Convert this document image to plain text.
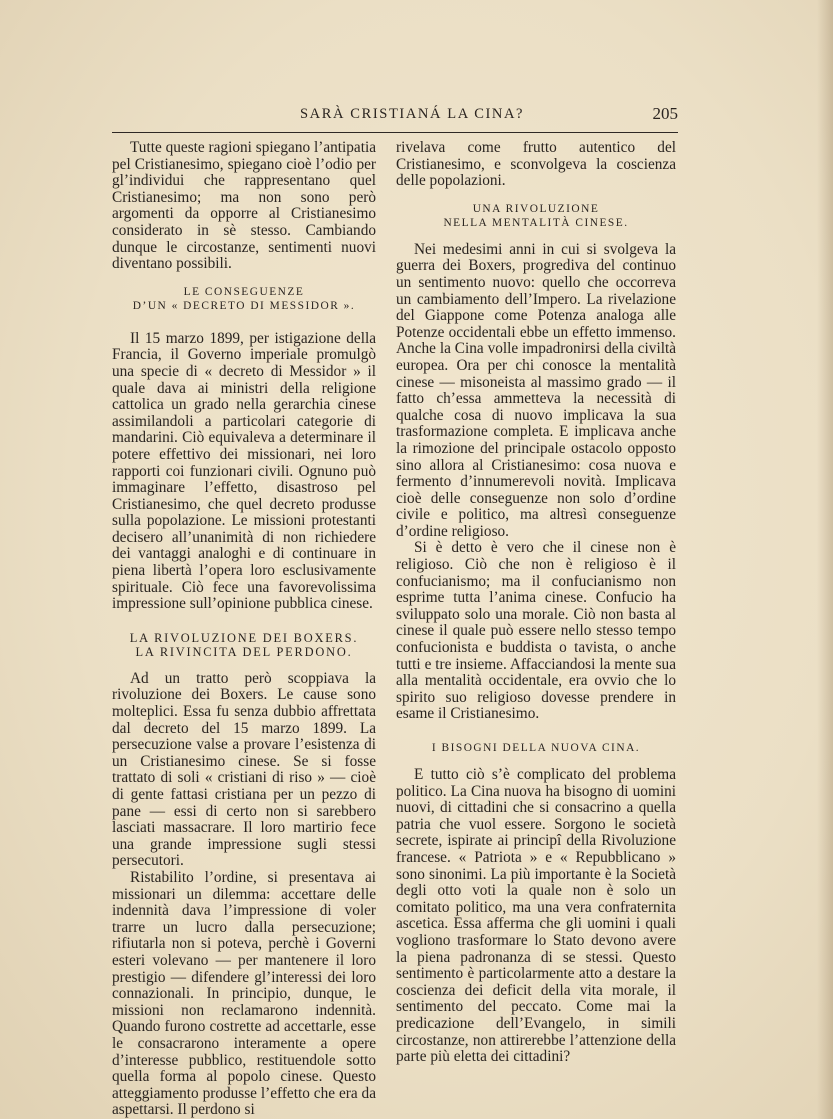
SARÀ CRISTIANÁ LA CINA?	205

Tutte queste ragioni spiegano l’antipatia pel Cristianesimo, spiegano cioè l’odio per gl’individui che rappresentano quel Cristianesimo; ma non sono però argomenti da opporre al Cristianesimo considerato in sè stesso. Cambiando dunque le circostanze, sentimenti nuovi diventano possibili.

LE CONSEGUENZE
D’UN « DECRETO DI MESSIDOR ».

Il 15 marzo 1899, per istigazione della Francia, il Governo imperiale promulgò una specie di « decreto di Messidor » il quale dava ai ministri della religione cattolica un grado nella gerarchia cinese assimilandoli a particolari categorie di mandarini. Ciò equivaleva a determinare il potere effettivo dei missionari, nei loro rapporti coi funzionari civili. Ognuno può immaginare l’effetto, disastroso pel Cristianesimo, che quel decreto produsse sulla popolazione. Le missioni protestanti decisero all’unanimità di non richiedere dei vantaggi analoghi e di continuare in piena libertà l’opera loro esclusivamente spirituale. Ciò fece una favorevolissima impressione sull’opinione pubblica cinese.

LA RIVOLUZIONE DEI BOXERS.
LA RIVINCITA DEL PERDONO.

Ad un tratto però scoppiava la rivoluzione dei Boxers. Le cause sono molteplici. Essa fu senza dubbio affrettata dal decreto del 15 marzo 1899. La persecuzione valse a provare l’esistenza di un Cristianesimo cinese. Se si fosse trattato di soli « cristiani di riso » — cioè di gente fattasi cristiana per un pezzo di pane — essi di certo non si sarebbero lasciati massacrare. Il loro martirio fece una grande impressione sugli stessi persecutori.

Ristabilito l’ordine, si presentava ai missionari un dilemma: accettare delle indennità dava l’impressione di voler trarre un lucro dalla persecuzione; rifiutarla non si poteva, perchè i Governi esteri volevano — per mantenere il loro prestigio — difendere gl’interessi dei loro connazionali. In principio, dunque, le missioni non reclamarono indennità. Quando furono costrette ad accettarle, esse le consacrarono interamente a opere d’interesse pubblico, restituendole sotto quella forma al popolo cinese. Questo atteggiamento produsse l’effetto che era da aspettarsi. Il perdono si

rivelava come frutto autentico del Cristianesimo, e sconvolgeva la coscienza delle popolazioni.

UNA RIVOLUZIONE
NELLA MENTALITÀ CINESE.

Nei medesimi anni in cui si svolgeva la guerra dei Boxers, progrediva del continuo un sentimento nuovo: quello che occorreva un cambiamento dell’Impero. La rivelazione del Giappone come Potenza analoga alle Potenze occidentali ebbe un effetto immenso. Anche la Cina volle impadronirsi della civiltà europea. Ora per chi conosce la mentalità cinese — misoneista al massimo grado — il fatto ch’essa ammetteva la necessità di qualche cosa di nuovo implicava la sua trasformazione completa. E implicava anche la rimozione del principale ostacolo opposto sino allora al Cristianesimo: cosa nuova e fermento d’innumerevoli novità. Implicava cioè delle conseguenze non solo d’ordine civile e politico, ma altresì conseguenze d’ordine religioso.

Si è detto è vero che il cinese non è religioso. Ciò che non è religioso è il confucianismo; ma il confucianismo non esprime tutta l’anima cinese. Confucio ha sviluppato solo una morale. Ciò non basta al cinese il quale può essere nello stesso tempo confucionista e buddista o tavista, o anche tutti e tre insieme. Affacciandosi la mente sua alla mentalità occidentale, era ovvio che lo spirito suo religioso dovesse prendere in esame il Cristianesimo.

I BISOGNI DELLA NUOVA CINA.

E tutto ciò s’è complicato del problema politico. La Cina nuova ha bisogno di uomini nuovi, di cittadini che si consacrino a quella patria che vuol essere. Sorgono le società secrete, ispirate ai principî della Rivoluzione francese. « Patriota » e « Repubblicano » sono sinonimi. La più importante è la Società degli otto voti la quale non è solo un comitato politico, ma una vera confraternita ascetica. Essa afferma che gli uomini i quali vogliono trasformare lo Stato devono avere la piena padronanza di se stessi. Questo sentimento è particolarmente atto a destare la coscienza dei deficit della vita morale, il sentimento del peccato. Come mai la predicazione dell’Evangelo, in simili circostanze, non attirerebbe l’attenzione della parte più eletta dei cittadini?
